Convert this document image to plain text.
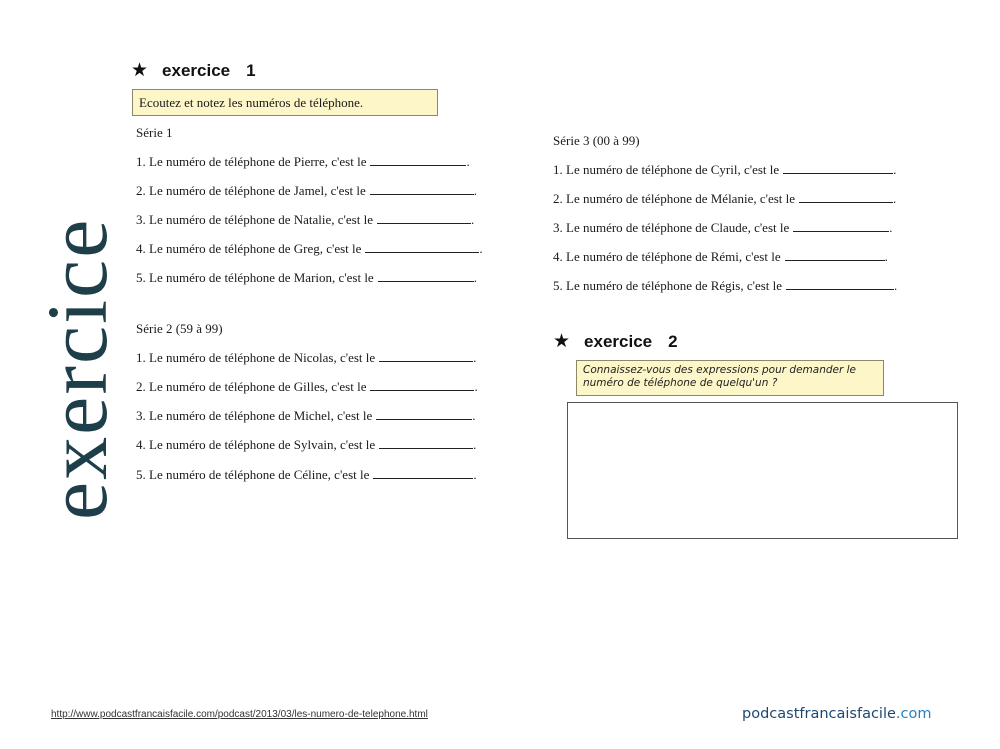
exercice
★ exercice 1
Ecoutez et notez les numéros de téléphone.
Série 1
1. Le numéro de téléphone de Pierre, c'est le	.
2. Le numéro de téléphone de Jamel, c'est le	.
3. Le numéro de téléphone de Natalie, c'est le	.
4. Le numéro de téléphone de Greg, c'est le	.
5. Le numéro de téléphone de Marion, c'est le	.
Série 2 (59 à 99)
1. Le numéro de téléphone de Nicolas, c'est le	.
2. Le numéro de téléphone de Gilles, c'est le	.
3. Le numéro de téléphone de Michel, c'est le	.
4. Le numéro de téléphone de Sylvain, c'est le	.
5. Le numéro de téléphone de Céline, c'est le	.
Série 3 (00 à 99)
1. Le numéro de téléphone de Cyril, c'est le	.
2. Le numéro de téléphone de Mélanie, c'est le	.
3. Le numéro de téléphone de Claude, c'est le	.
4. Le numéro de téléphone de Rémi, c'est le	.
5. Le numéro de téléphone de Régis, c'est le	.
★ exercice 2
Connaissez-vous des expressions pour demander le numéro de téléphone de quelqu'un ?
http://www.podcastfrancaisfacile.com/podcast/2013/03/les-numero-de-telephone.html	podcastfrancaisfacile.com
